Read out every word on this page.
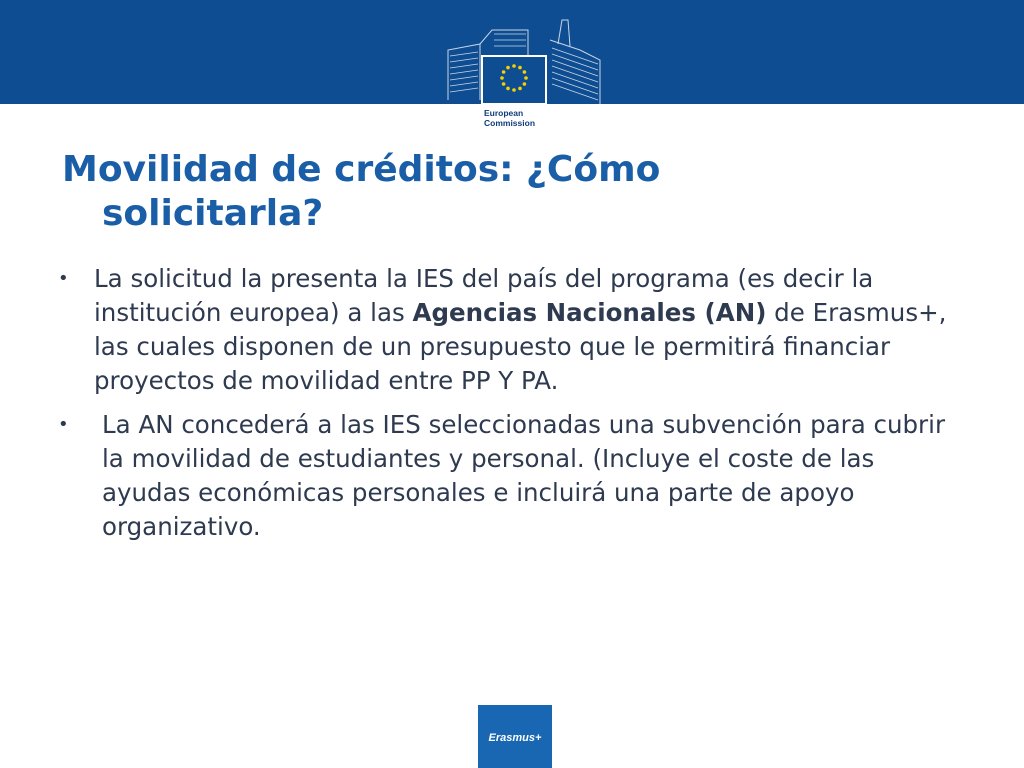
European
Commission
Movilidad de créditos: ¿Cómo solicitarla?
•	La solicitud la presenta la IES del país del programa (es decir la institución europea) a las Agencias Nacionales (AN) de Erasmus+, las cuales disponen de un presupuesto que le permitirá financiar proyectos de movilidad entre PP Y PA.
•	La AN concederá a las IES seleccionadas una subvención para cubrir la movilidad de estudiantes y personal. (Incluye el coste de las ayudas económicas personales e incluirá una parte de apoyo organizativo.
Erasmus+
